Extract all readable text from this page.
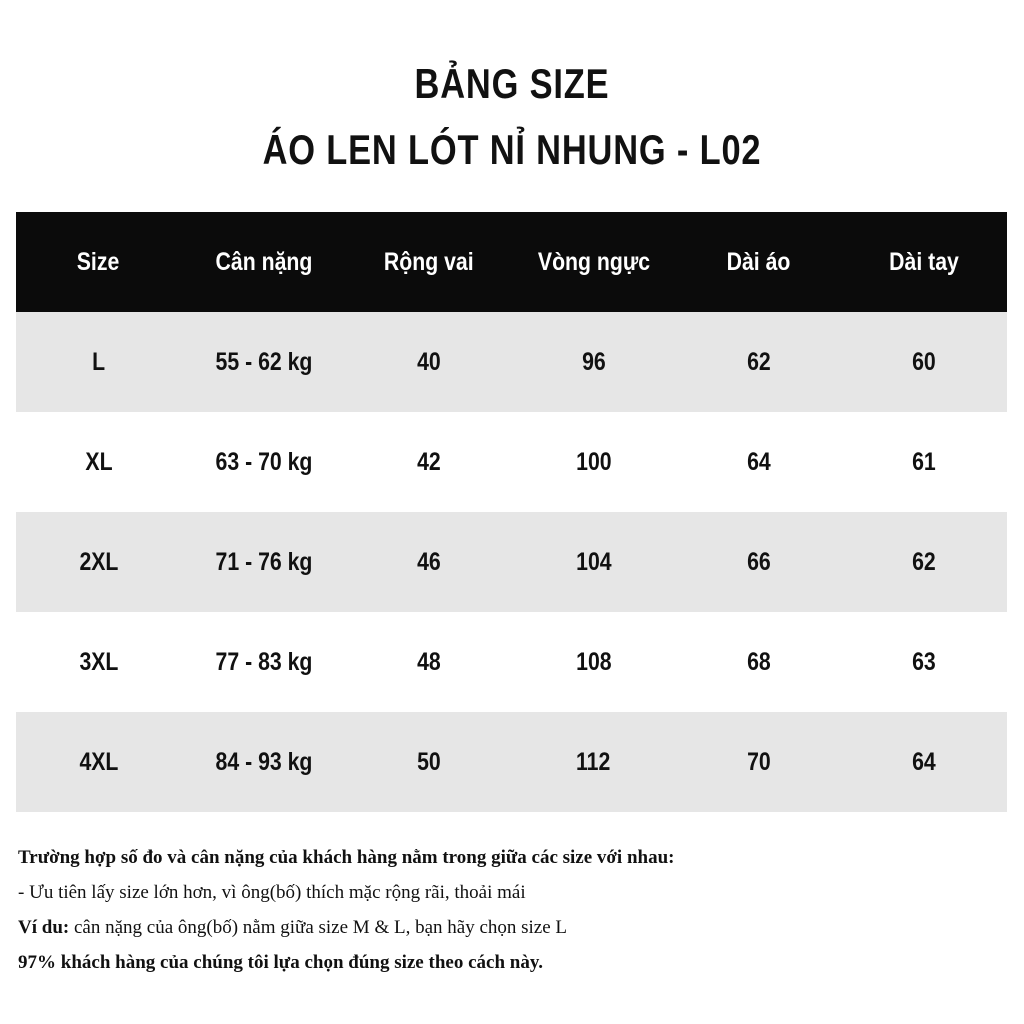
BẢNG SIZE
ÁO LEN LÓT NỈ NHUNG - L02
Size	Cân nặng	Rộng vai	Vòng ngực	Dài áo	Dài tay
L	55 - 62 kg	40	96	62	60
XL	63 - 70 kg	42	100	64	61
2XL	71 - 76 kg	46	104	66	62
3XL	77 - 83 kg	48	108	68	63
4XL	84 - 93 kg	50	112	70	64

Trường hợp số đo và cân nặng của khách hàng nằm trong giữa các size với nhau:

- Ưu tiên lấy size lớn hơn, vì ông(bố) thích mặc rộng rãi, thoải mái

Ví du: cân nặng của ông(bố) nằm giữa size M & L, bạn hãy chọn size L

97% khách hàng của chúng tôi lựa chọn đúng size theo cách này.
